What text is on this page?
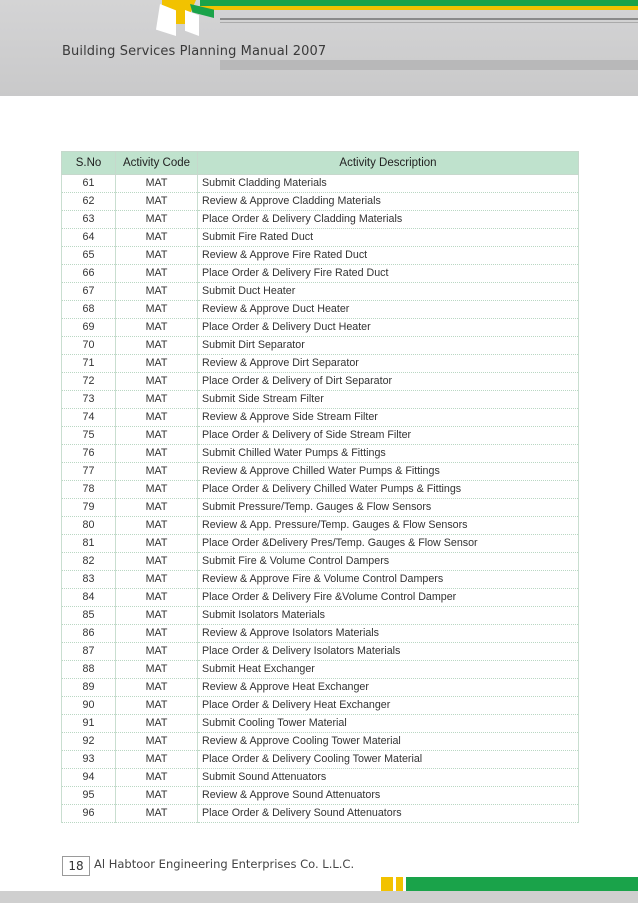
Building Services Planning Manual 2007
S.No	Activity Code	Activity Description
61	MAT	Submit Cladding Materials
62	MAT	Review & Approve Cladding Materials
63	MAT	Place Order & Delivery Cladding Materials
64	MAT	Submit Fire Rated Duct
65	MAT	Review & Approve Fire Rated Duct
66	MAT	Place Order & Delivery Fire Rated Duct
67	MAT	Submit Duct Heater
68	MAT	Review & Approve Duct Heater
69	MAT	Place Order & Delivery Duct Heater
70	MAT	Submit Dirt Separator
71	MAT	Review & Approve Dirt Separator
72	MAT	Place Order & Delivery of Dirt Separator
73	MAT	Submit Side Stream Filter
74	MAT	Review & Approve Side Stream Filter
75	MAT	Place Order & Delivery of Side Stream Filter
76	MAT	Submit Chilled Water Pumps & Fittings
77	MAT	Review & Approve Chilled Water Pumps & Fittings
78	MAT	Place Order & Delivery Chilled Water Pumps & Fittings
79	MAT	Submit Pressure/Temp. Gauges & Flow Sensors
80	MAT	Review & App. Pressure/Temp. Gauges & Flow Sensors
81	MAT	Place Order &Delivery Pres/Temp. Gauges & Flow Sensor
82	MAT	Submit Fire & Volume Control Dampers
83	MAT	Review & Approve Fire & Volume Control Dampers
84	MAT	Place Order & Delivery Fire &Volume Control Damper
85	MAT	Submit Isolators Materials
86	MAT	Review & Approve Isolators Materials
87	MAT	Place Order & Delivery Isolators Materials
88	MAT	Submit Heat Exchanger
89	MAT	Review & Approve Heat Exchanger
90	MAT	Place Order & Delivery Heat Exchanger
91	MAT	Submit Cooling Tower Material
92	MAT	Review & Approve Cooling Tower Material
93	MAT	Place Order & Delivery Cooling Tower Material
94	MAT	Submit Sound Attenuators
95	MAT	Review & Approve Sound Attenuators
96	MAT	Place Order & Delivery Sound Attenuators
18 Al Habtoor Engineering Enterprises Co. L.L.C.
